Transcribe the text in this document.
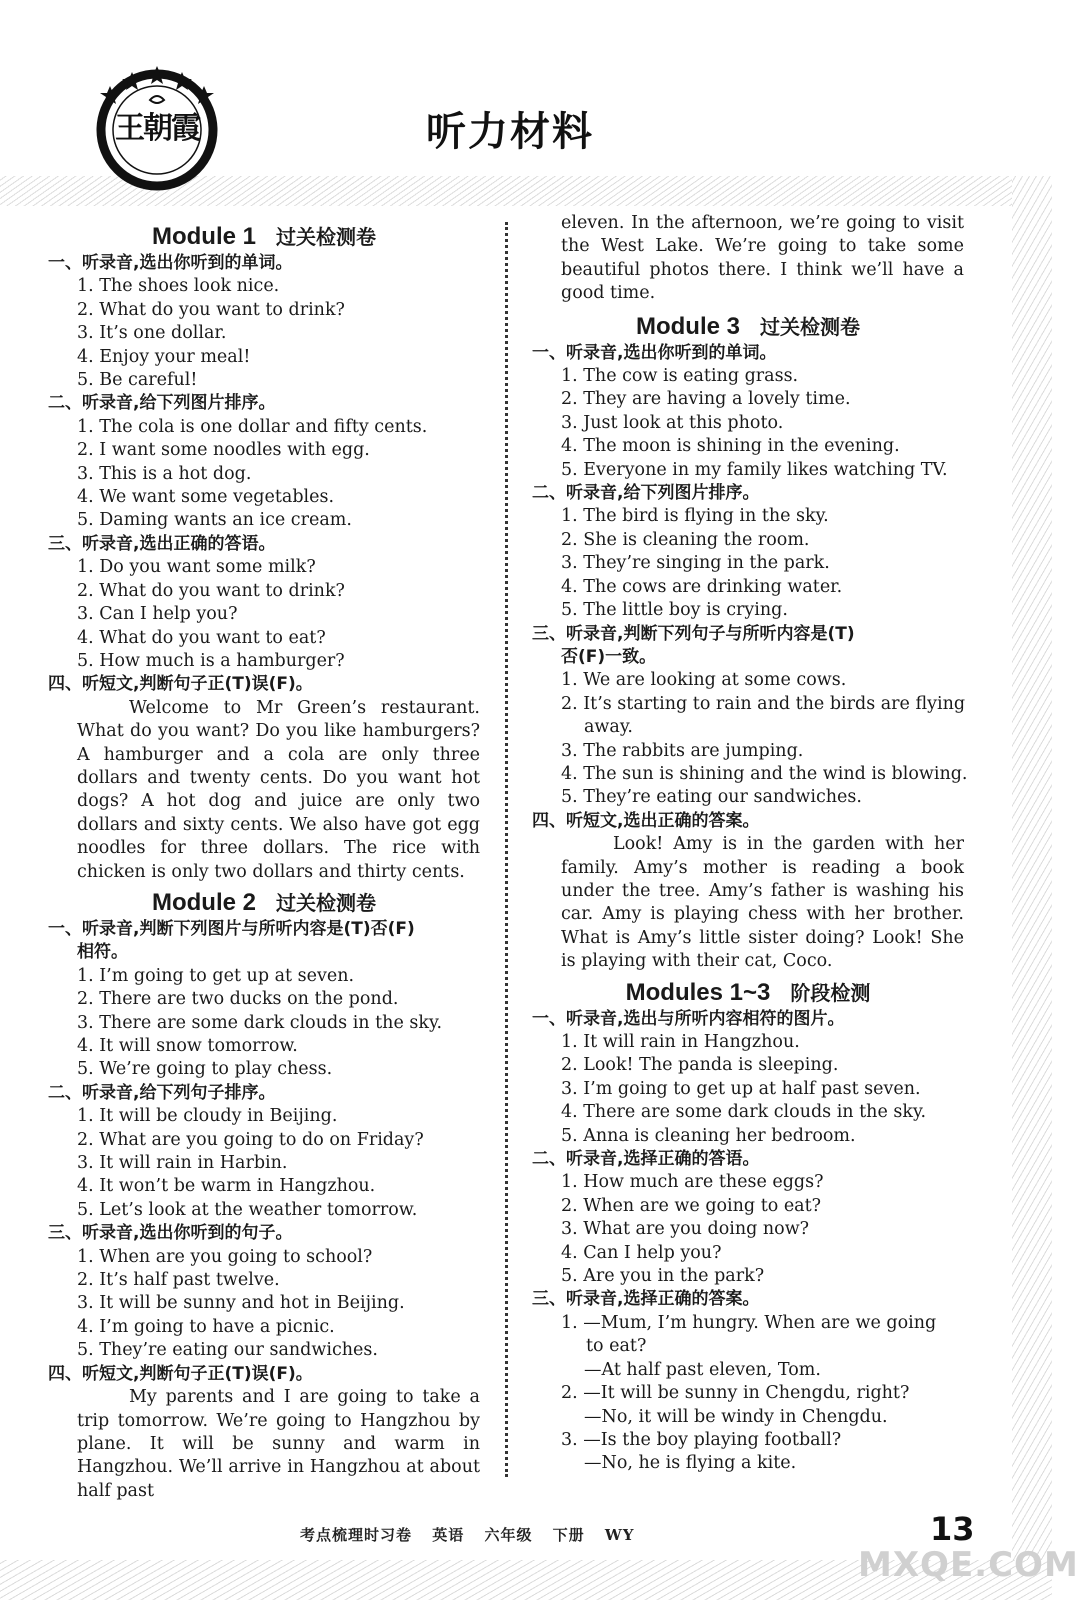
王朝霞	听力材料
Module 1 过关检测卷

一、听录音,选出你听到的单词。

1. The shoes look nice.

2. What do you want to drink?

3. It’s one dollar.

4. Enjoy your meal!

5. Be careful!

二、听录音,给下列图片排序。

1. The cola is one dollar and fifty cents.

2. I want some noodles with egg.

3. This is a hot dog.

4. We want some vegetables.

5. Daming wants an ice cream.

三、听录音,选出正确的答语。

1. Do you want some milk?

2. What do you want to drink?

3. Can I help you?

4. What do you want to eat?

5. How much is a hamburger?

四、听短文,判断句子正(T)误(F)。

Welcome to Mr Green’s restaurant. What do you want? Do you like hamburgers? A hamburger and a cola are only three dollars and twenty cents. Do you want hot dogs? A hot dog and juice are only two dollars and sixty cents. We also have got egg noodles for three dollars. The rice with chicken is only two dollars and thirty cents.

Module 2 过关检测卷

一、听录音,判断下列图片与所听内容是(T)否(F)

相符。

1. I’m going to get up at seven.

2. There are two ducks on the pond.

3. There are some dark clouds in the sky.

4. It will snow tomorrow.

5. We’re going to play chess.

二、听录音,给下列句子排序。

1. It will be cloudy in Beijing.

2. What are you going to do on Friday?

3. It will rain in Harbin.

4. It won’t be warm in Hangzhou.

5. Let’s look at the weather tomorrow.

三、听录音,选出你听到的句子。

1. When are you going to school?

2. It’s half past twelve.

3. It will be sunny and hot in Beijing.

4. I’m going to have a picnic.

5. They’re eating our sandwiches.

四、听短文,判断句子正(T)误(F)。

My parents and I are going to take a trip tomorrow. We’re going to Hangzhou by plane. It will be sunny and warm in Hangzhou. We’ll arrive in Hangzhou at about half past

eleven. In the afternoon, we’re going to visit the West Lake. We’re going to take some beautiful photos there. I think we’ll have a good time.

Module 3 过关检测卷

一、听录音,选出你听到的单词。

1. The cow is eating grass.

2. They are having a lovely time.

3. Just look at this photo.

4. The moon is shining in the evening.

5. Everyone in my family likes watching TV.

二、听录音,给下列图片排序。

1. The bird is flying in the sky.

2. She is cleaning the room.

3. They’re singing in the park.

4. The cows are drinking water.

5. The little boy is crying.

三、听录音,判断下列句子与所听内容是(T)

否(F)一致。

1. We are looking at some cows.

2. It’s starting to rain and the birds are flying

away.

3. The rabbits are jumping.

4. The sun is shining and the wind is blowing.

5. They’re eating our sandwiches.

四、听短文,选出正确的答案。

Look! Amy is in the garden with her family. Amy’s mother is reading a book under the tree. Amy’s father is washing his car. Amy is playing chess with her brother. What is Amy’s little sister doing? Look! She is playing with their cat, Coco.

Modules 1~3 阶段检测

一、听录音,选出与所听内容相符的图片。

1. It will rain in Hangzhou.

2. Look! The panda is sleeping.

3. I’m going to get up at half past seven.

4. There are some dark clouds in the sky.

5. Anna is cleaning her bedroom.

二、听录音,选择正确的答语。

1. How much are these eggs?

2. When are we going to eat?

3. What are you doing now?

4. Can I help you?

5. Are you in the park?

三、听录音,选择正确的答案。

1. —Mum, I’m hungry. When are we going

to eat?

—At half past eleven, Tom.

2. —It will be sunny in Chengdu, right?

—No, it will be windy in Chengdu.

3. —Is the boy playing football?

—No, he is flying a kite.

考点梳理时习卷 英语 六年级 下册 WY	13
MXQE.COM
